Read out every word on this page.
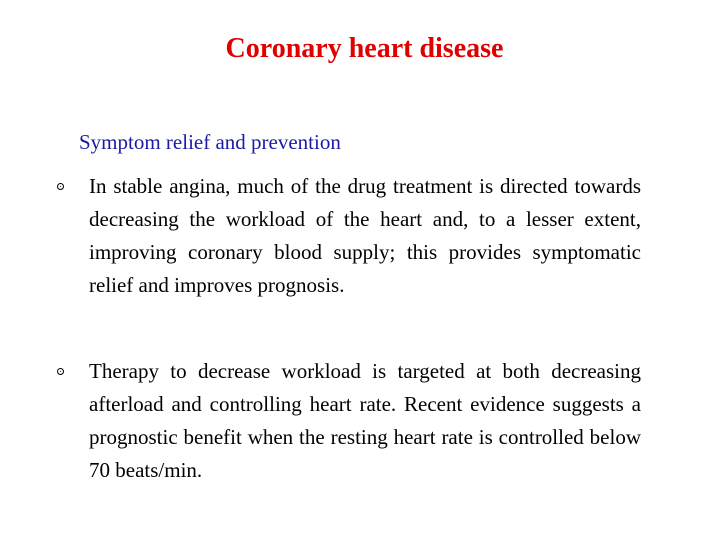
Coronary heart disease

Symptom relief and prevention

In stable angina, much of the drug treatment is directed towards decreasing the workload of the heart and, to a lesser extent, improving coronary blood supply; this provides symptomatic relief and improves prognosis.
Therapy to decrease workload is targeted at both decreasing afterload and controlling heart rate. Recent evidence suggests a prognostic benefit when the resting heart rate is controlled below 70 beats/min.
